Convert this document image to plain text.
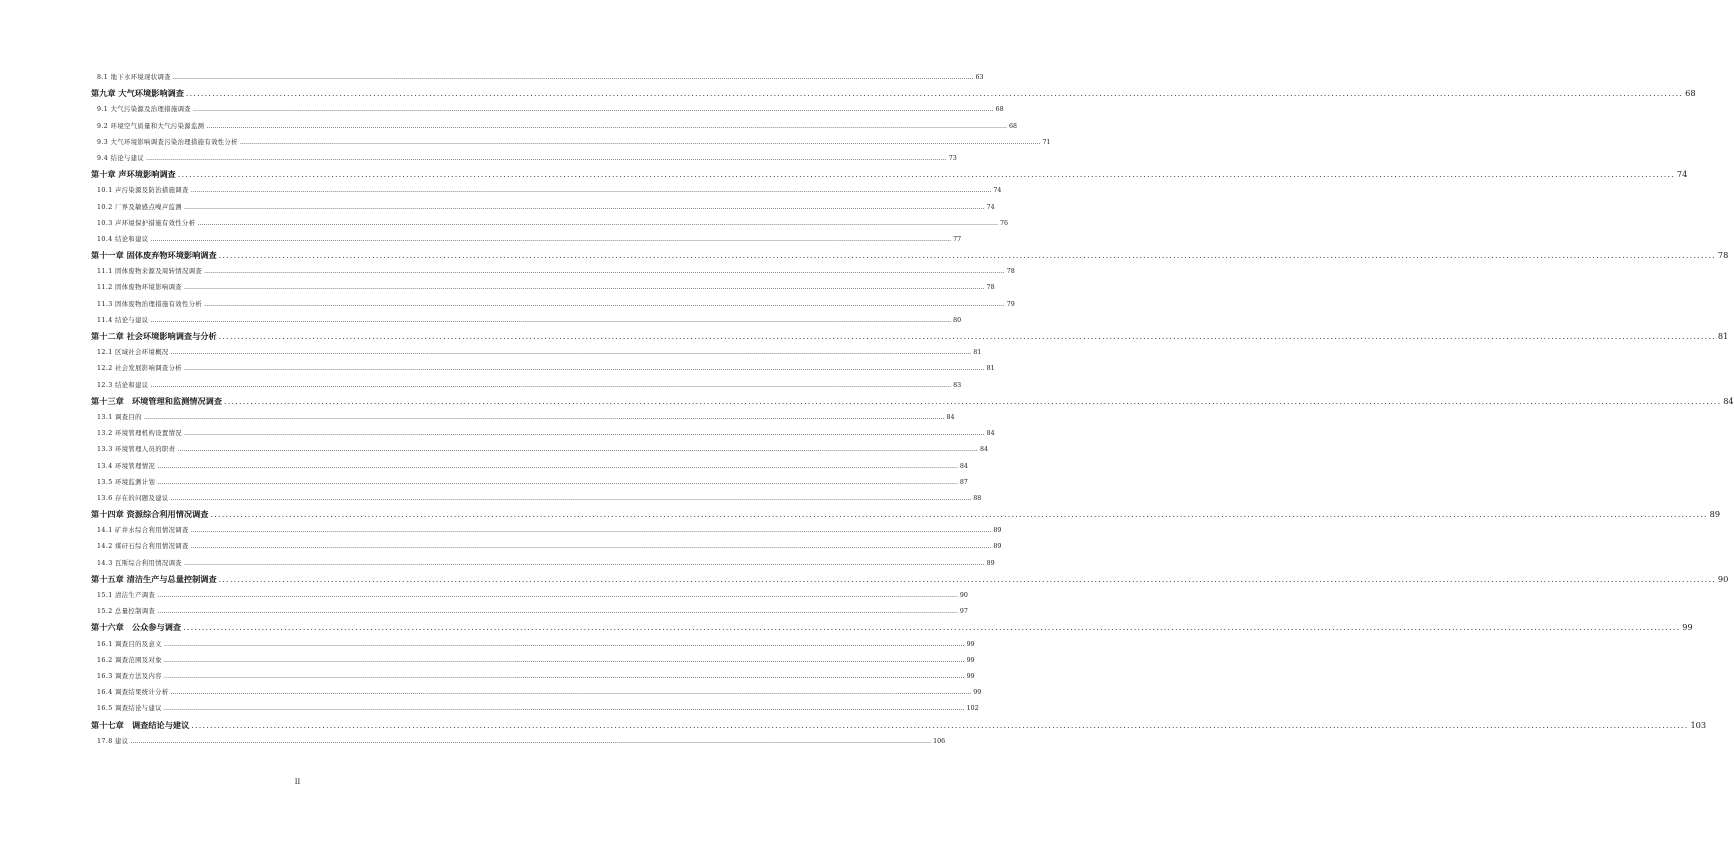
8.1 地下水环境现状调查 ................................................................................................................................................................................................................................................................................................................................................................................................................ 63
第九章 大气环境影响调查 ................................................................................................................................................................................................................................................................................................................................................................................................................ 68
9.1 大气污染源及治理措施调查 ................................................................................................................................................................................................................................................................................................................................................................................................................ 68
9.2 环境空气质量和大气污染源监测 ................................................................................................................................................................................................................................................................................................................................................................................................................ 68
9.3 大气环境影响调查污染治理措施有效性分析 ................................................................................................................................................................................................................................................................................................................................................................................................................ 71
9.4 结论与建议 ................................................................................................................................................................................................................................................................................................................................................................................................................ 73
第十章 声环境影响调查 ................................................................................................................................................................................................................................................................................................................................................................................................................ 74
10.1 声污染源及防治措施调查 ................................................................................................................................................................................................................................................................................................................................................................................................................ 74
10.2 厂界及敏感点噪声监测 ................................................................................................................................................................................................................................................................................................................................................................................................................ 74
10.3 声环境保护措施有效性分析 ................................................................................................................................................................................................................................................................................................................................................................................................................ 76
10.4 结论和建议 ................................................................................................................................................................................................................................................................................................................................................................................................................ 77
第十一章 固体废弃物环境影响调查 ................................................................................................................................................................................................................................................................................................................................................................................................................ 78
11.1 固体废物来源及周转情况调查 ................................................................................................................................................................................................................................................................................................................................................................................................................ 78
11.2 固体废物环境影响调查 ................................................................................................................................................................................................................................................................................................................................................................................................................ 78
11.3 固体废物治理措施有效性分析 ................................................................................................................................................................................................................................................................................................................................................................................................................ 79
11.4 结论与建议 ................................................................................................................................................................................................................................................................................................................................................................................................................ 80
第十二章 社会环境影响调查与分析 ................................................................................................................................................................................................................................................................................................................................................................................................................ 81
12.1 区域社会环境概况 ................................................................................................................................................................................................................................................................................................................................................................................................................ 81
12.2 社会发展影响调查分析 ................................................................................................................................................................................................................................................................................................................................................................................................................ 81
12.3 结论和建议 ................................................................................................................................................................................................................................................................................................................................................................................................................ 83
第十三章　环境管理和监测情况调查 ................................................................................................................................................................................................................................................................................................................................................................................................................ 84
13.1 调查目的 ................................................................................................................................................................................................................................................................................................................................................................................................................ 84
13.2 环境管理机构设置情况 ................................................................................................................................................................................................................................................................................................................................................................................................................ 84
13.3 环境管理人员的职责 ................................................................................................................................................................................................................................................................................................................................................................................................................ 84
13.4 环境管理情况 ................................................................................................................................................................................................................................................................................................................................................................................................................ 84
13.5 环境监测计划 ................................................................................................................................................................................................................................................................................................................................................................................................................ 87
13.6 存在的问题及建议 ................................................................................................................................................................................................................................................................................................................................................................................................................ 88
第十四章 资源综合利用情况调查 ................................................................................................................................................................................................................................................................................................................................................................................................................ 89
14.1 矿井水综合利用情况调查 ................................................................................................................................................................................................................................................................................................................................................................................................................ 89
14.2 煤矸石综合利用情况调查 ................................................................................................................................................................................................................................................................................................................................................................................................................ 89
14.3 瓦斯综合利用情况调查 ................................................................................................................................................................................................................................................................................................................................................................................................................ 89
第十五章 清洁生产与总量控制调查 ................................................................................................................................................................................................................................................................................................................................................................................................................ 90
15.1 清洁生产调查 ................................................................................................................................................................................................................................................................................................................................................................................................................ 90
15.2 总量控制调查 ................................................................................................................................................................................................................................................................................................................................................................................................................ 97
第十六章　公众参与调查 ................................................................................................................................................................................................................................................................................................................................................................................................................ 99
16.1 调查目的及意义 ................................................................................................................................................................................................................................................................................................................................................................................................................ 99
16.2 调查范围及对象 ................................................................................................................................................................................................................................................................................................................................................................................................................ 99
16.3 调查方法及内容 ................................................................................................................................................................................................................................................................................................................................................................................................................ 99
16.4 调查结果统计分析 ................................................................................................................................................................................................................................................................................................................................................................................................................ 99
16.5 调查结论与建议 ................................................................................................................................................................................................................................................................................................................................................................................................................ 102
第十七章　调查结论与建议 ................................................................................................................................................................................................................................................................................................................................................................................................................ 103
17.8 建议 ................................................................................................................................................................................................................................................................................................................................................................................................................ 106
II
